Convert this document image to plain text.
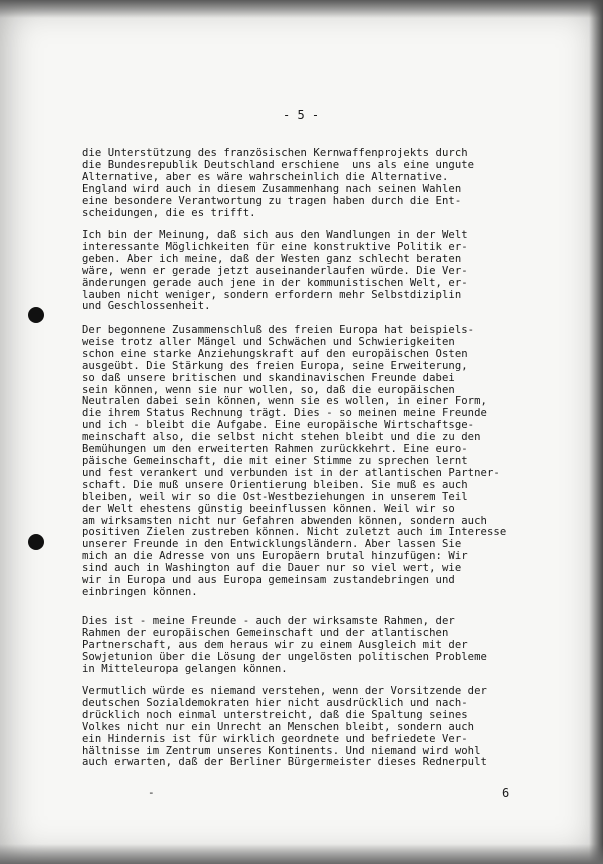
- 5 -
die Unterstützung des französischen Kernwaffenprojekts durch
die Bundesrepublik Deutschland erschiene  uns als eine ungute
Alternative, aber es wäre wahrscheinlich die Alternative.
England wird auch in diesem Zusammenhang nach seinen Wahlen
eine besondere Verantwortung zu tragen haben durch die Ent-
scheidungen, die es trifft.
Ich bin der Meinung, daß sich aus den Wandlungen in der Welt
interessante Möglichkeiten für eine konstruktive Politik er-
geben. Aber ich meine, daß der Westen ganz schlecht beraten
wäre, wenn er gerade jetzt auseinanderlaufen würde. Die Ver-
änderungen gerade auch jene in der kommunistischen Welt, er-
lauben nicht weniger, sondern erfordern mehr Selbstdiziplin
und Geschlossenheit.
Der begonnene Zusammenschluß des freien Europa hat beispiels-
weise trotz aller Mängel und Schwächen und Schwierigkeiten
schon eine starke Anziehungskraft auf den europäischen Osten
ausgeübt. Die Stärkung des freien Europa, seine Erweiterung,
so daß unsere britischen und skandinavischen Freunde dabei
sein können, wenn sie nur wollen, so, daß die europäischen
Neutralen dabei sein können, wenn sie es wollen, in einer Form,
die ihrem Status Rechnung trägt. Dies - so meinen meine Freunde
und ich - bleibt die Aufgabe. Eine europäische Wirtschaftsge-
meinschaft also, die selbst nicht stehen bleibt und die zu den
Bemühungen um den erweiterten Rahmen zurückkehrt. Eine euro-
päische Gemeinschaft, die mit einer Stimme zu sprechen lernt
und fest verankert und verbunden ist in der atlantischen Partner-
schaft. Die muß unsere Orientierung bleiben. Sie muß es auch
bleiben, weil wir so die Ost-Westbeziehungen in unserem Teil
der Welt ehestens günstig beeinflussen können. Weil wir so
am wirksamsten nicht nur Gefahren abwenden können, sondern auch
positiven Zielen zustreben können. Nicht zuletzt auch im Interesse
unserer Freunde in den Entwicklungsländern. Aber lassen Sie
mich an die Adresse von uns Europäern brutal hinzufügen: Wir
sind auch in Washington auf die Dauer nur so viel wert, wie
wir in Europa und aus Europa gemeinsam zustandebringen und
einbringen können.
Dies ist - meine Freunde - auch der wirksamste Rahmen, der
Rahmen der europäischen Gemeinschaft und der atlantischen
Partnerschaft, aus dem heraus wir zu einem Ausgleich mit der
Sowjetunion über die Lösung der ungelösten politischen Probleme
in Mitteleuropa gelangen können.
Vermutlich würde es niemand verstehen, wenn der Vorsitzende der
deutschen Sozialdemokraten hier nicht ausdrücklich und nach-
drücklich noch einmal unterstreicht, daß die Spaltung seines
Volkes nicht nur ein Unrecht an Menschen bleibt, sondern auch
ein Hindernis ist für wirklich geordnete und befriedete Ver-
hältnisse im Zentrum unseres Kontinents. Und niemand wird wohl
auch erwarten, daß der Berliner Bürgermeister dieses Rednerpult
-	6
